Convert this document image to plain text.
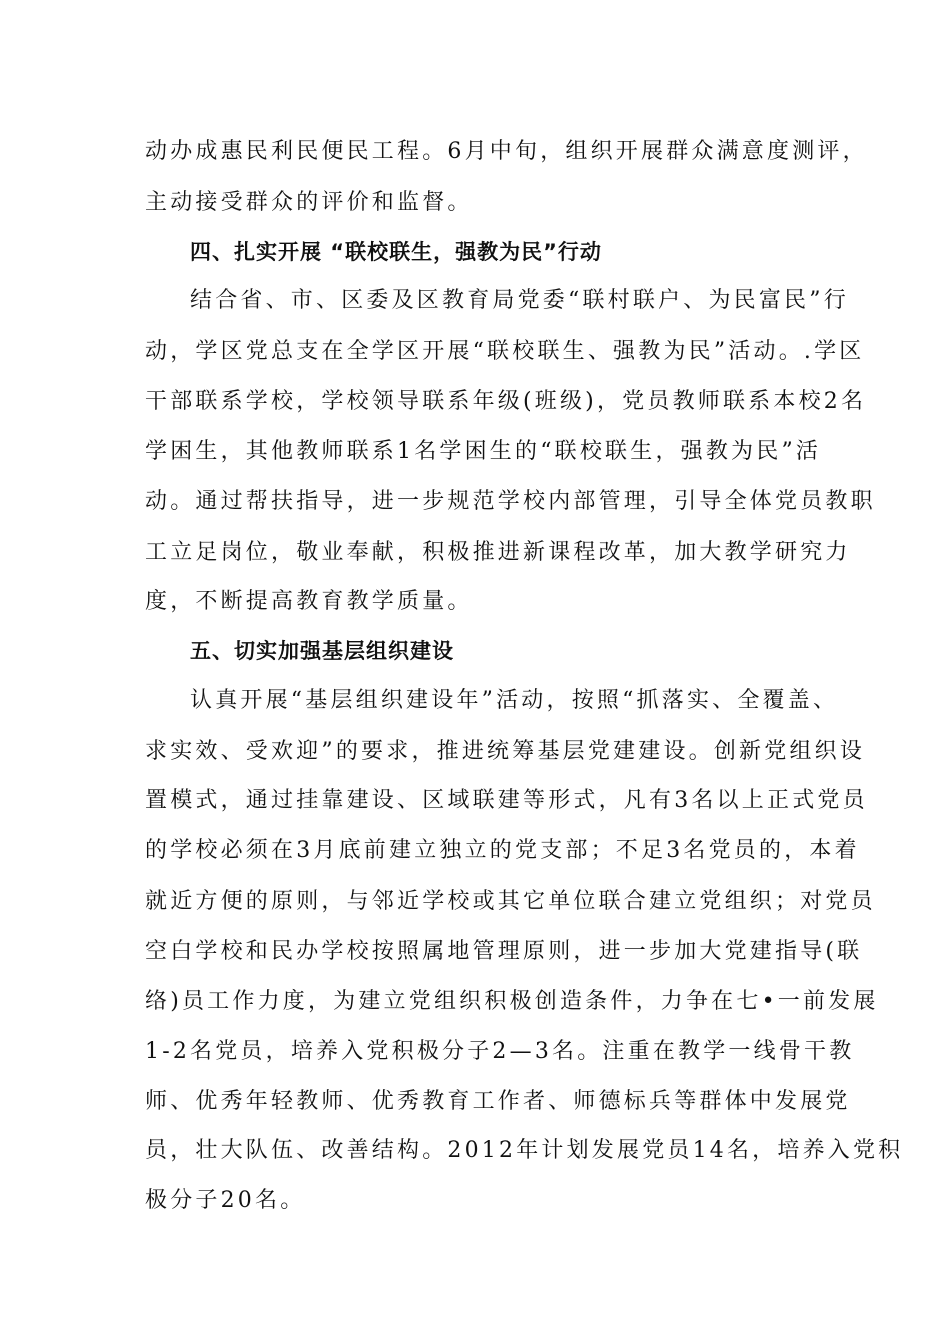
动办成惠民利民便民工程。6月中旬，组织开展群众满意度测评，
主动接受群众的评价和监督。
四、扎实开展 “联校联生，强教为民”行动
结合省、市、区委及区教育局党委“联村联户、为民富民”行
动，学区党总支在全学区开展“联校联生、强教为民”活动。.学区
干部联系学校，学校领导联系年级(班级)，党员教师联系本校2名
学困生，其他教师联系1名学困生的“联校联生，强教为民”活
动。通过帮扶指导，进一步规范学校内部管理，引导全体党员教职
工立足岗位，敬业奉献，积极推进新课程改革，加大教学研究力
度，不断提高教育教学质量。
五、切实加强基层组织建设
认真开展“基层组织建设年”活动，按照“抓落实、全覆盖、
求实效、受欢迎”的要求，推进统筹基层党建建设。创新党组织设
置模式，通过挂靠建设、区域联建等形式，凡有3名以上正式党员
的学校必须在3月底前建立独立的党支部；不足3名党员的，本着
就近方便的原则，与邻近学校或其它单位联合建立党组织；对党员
空白学校和民办学校按照属地管理原则，进一步加大党建指导(联
络)员工作力度，为建立党组织积极创造条件，力争在七•一前发展
1-2名党员，培养入党积极分子2—3名。注重在教学一线骨干教
师、优秀年轻教师、优秀教育工作者、师德标兵等群体中发展党
员，壮大队伍、改善结构。2012年计划发展党员14名，培养入党积
极分子20名。
